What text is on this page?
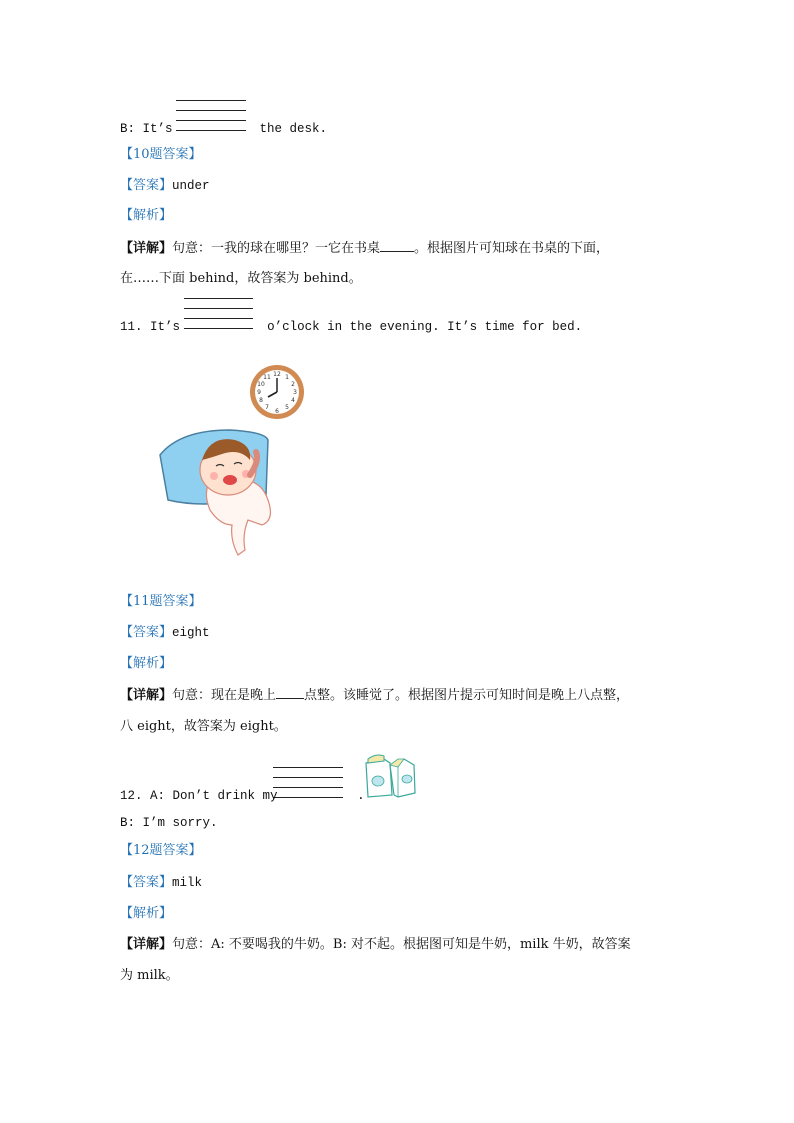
B: It’s	the desk.
【10题答案】
【答案】under
【解析】
【详解】句意：一我的球在哪里？一它在书桌	。根据图片可知球在书桌的下面，
在……下面 behind，故答案为 behind。
11. It’s	o’clock in the evening. It’s time for bed.
12 1
2
3
4
5
6
7
8
9
10
11
【11题答案】
【答案】eight
【解析】
【详解】句意：现在是晚上 点整。该睡觉了。根据图片提示可知时间是晚上八点整，
八 eight，故答案为 eight。
12. A: Don’t drink my	.
B: I’m sorry.
【12题答案】
【答案】milk
【解析】
【详解】句意：A: 不要喝我的牛奶。B: 对不起。根据图可知是牛奶，milk 牛奶，故答案
为 milk。
